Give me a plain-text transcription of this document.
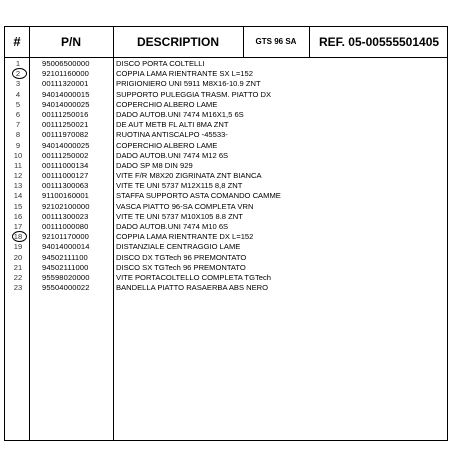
#	P/N	DESCRIPTION	GTS 96 SA	REF. 05-00555501405
1	95006500000	DISCO PORTA COLTELLI
2	92101160000	COPPIA LAMA RIENTRANTE SX L=152
3	00111320001	PRIGIONIERO UNI 5911 M8X16-10.9 ZNT
4	94014000015	SUPPORTO PULEGGIA TRASM. PIATTO DX
5	94014000025	COPERCHIO ALBERO LAME
6	00111250016	DADO AUTOB.UNI 7474 M16X1,5 6S
7	00111250021	DE AUT METB FL ALTI 8MA ZNT
8	00111970082	RUOTINA ANTISCALPO -45533-
9	94014000025	COPERCHIO ALBERO LAME
10	00111250002	DADO AUTOB.UNI 7474 M12 6S
11	00111000134	DADO SP M8 DIN 929
12	00111000127	VITE F/R M8X20 ZIGRINATA ZNT BIANCA
13	00111300063	VITE TE UNI 5737 M12X115 8,8 ZNT
14	91100160001	STAFFA SUPPORTO ASTA COMANDO CAMME
15	92102100000	VASCA PIATTO 96-SA COMPLETA VRN
16	00111300023	VITE TE UNI 5737 M10X105 8.8 ZNT
17	00111000080	DADO AUTOB.UNI 7474 M10 6S
18	92101170000	COPPIA LAMA RIENTRANTE DX L=152
19	94014000014	DISTANZIALE CENTRAGGIO LAME
20	94502111100	DISCO DX TGTech 96 PREMONTATO
21	94502111000	DISCO SX TGTech 96 PREMONTATO
22	95598020000	VITE PORTACOLTELLO COMPLETA TGTech
23	95504000022	BANDELLA PIATTO RASAERBA ABS NERO
